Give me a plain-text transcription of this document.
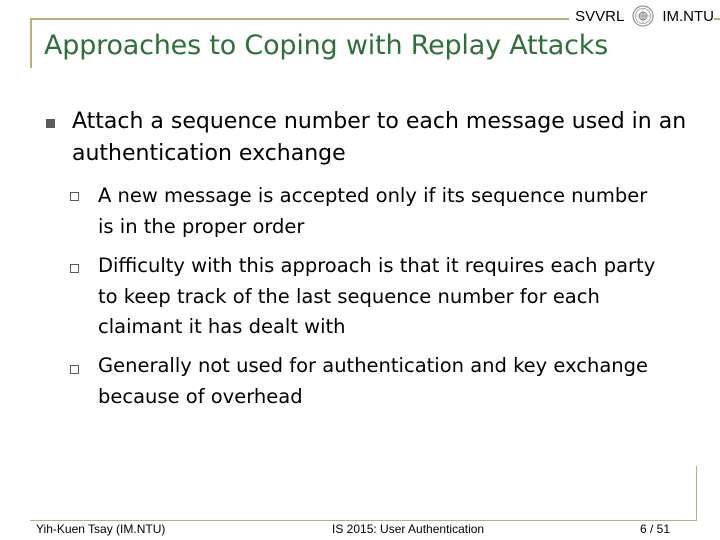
SVVRL	IM.NTU
Approaches to Coping with Replay Attacks
Attach a sequence number to each message used in an authentication exchange
A new message is accepted only if its sequence number is in the proper order
Difficulty with this approach is that it requires each party to keep track of the last sequence number for each claimant it has dealt with
Generally not used for authentication and key exchange because of overhead
Yih-Kuen Tsay (IM.NTU)	IS 2015: User Authentication	6 / 51
